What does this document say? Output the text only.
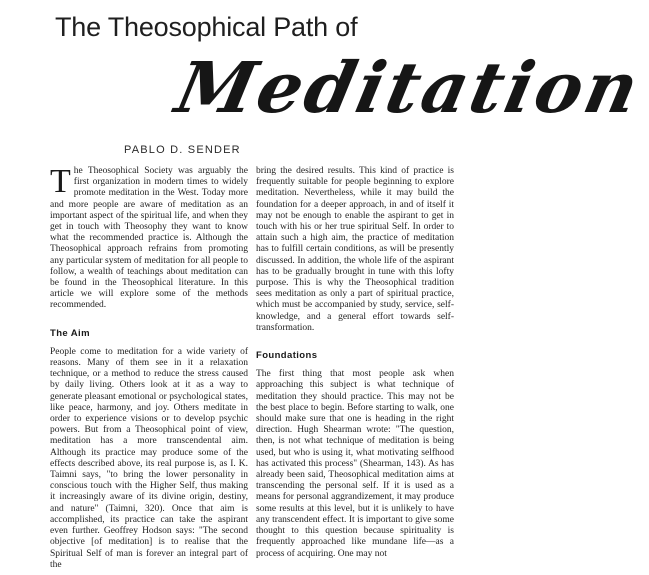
The Theosophical Path of
Meditation
PABLO D. SENDER

The Theosophical Society was arguably the first organization in modern times to widely promote meditation in the West. Today more and more people are aware of meditation as an important aspect of the spiritual life, and when they get in touch with Theosophy they want to know what the recommended practice is. Although the Theosophical approach refrains from promoting any particular system of meditation for all people to follow, a wealth of teachings about meditation can be found in the Theosophical literature. In this article we will explore some of the methods recommended.

The Aim

People come to meditation for a wide variety of reasons. Many of them see in it a relaxation technique, or a method to reduce the stress caused by daily living. Others look at it as a way to generate pleasant emotional or psychological states, like peace, harmony, and joy. Others meditate in order to experience visions or to develop psychic powers. But from a Theosophical point of view, meditation has a more transcendental aim. Although its practice may produce some of the effects described above, its real purpose is, as I. K. Taimni says, "to bring the lower personality in conscious touch with the Higher Self, thus making it increasingly aware of its divine origin, destiny, and nature" (Taimni, 320). Once that aim is accomplished, its practice can take the aspirant even further. Geoffrey Hodson says: "The second objective [of meditation] is to realise that the Spiritual Self of man is forever an integral part of the

bring the desired results. This kind of practice is frequently suitable for people beginning to explore meditation. Nevertheless, while it may build the foundation for a deeper approach, in and of itself it may not be enough to enable the aspirant to get in touch with his or her true spiritual Self. In order to attain such a high aim, the practice of meditation has to fulfill certain conditions, as will be presently discussed. In addition, the whole life of the aspirant has to be gradually brought in tune with this lofty purpose. This is why the Theosophical tradition sees meditation as only a part of spiritual practice, which must be accompanied by study, service, self-knowledge, and a general effort towards self-transformation.

Foundations

The first thing that most people ask when approaching this subject is what technique of meditation they should practice. This may not be the best place to begin. Before starting to walk, one should make sure that one is heading in the right direction. Hugh Shearman wrote: "The question, then, is not what technique of meditation is being used, but who is using it, what motivating selfhood has activated this process" (Shearman, 143). As has already been said, Theosophical meditation aims at transcending the personal self. If it is used as a means for personal aggrandizement, it may produce some results at this level, but it is unlikely to have any transcendent effect. It is important to give some thought to this question because spirituality is frequently approached like mundane life—as a process of acquiring. One may not
